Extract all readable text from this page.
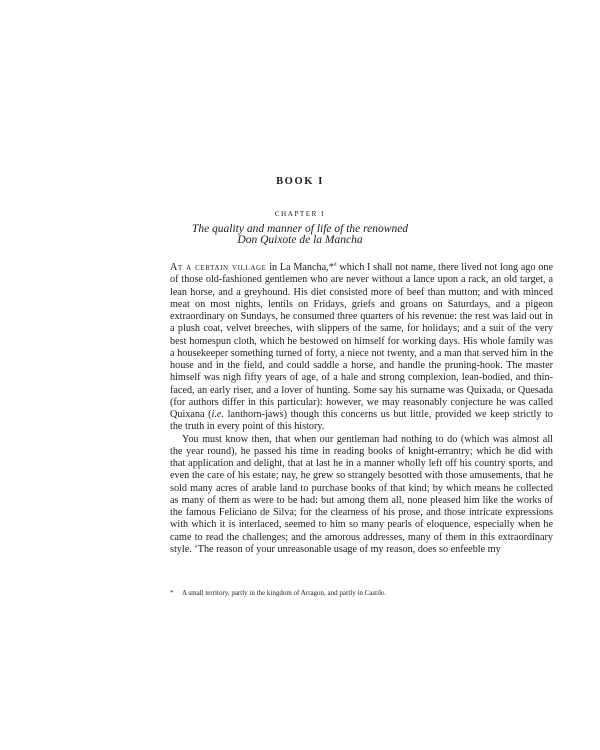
BOOK I
CHAPTER I
The quality and manner of life of the renowned
Don Quixote de la Mancha

At a certain village in La Mancha,*$^a$ which I shall not name, there lived not long ago one of those old-fashioned gentlemen who are never without a lance upon a rack, an old target, a lean horse, and a greyhound. His diet consisted more of beef than mutton; and with minced meat on most nights, lentils on Fridays, griefs and groans on Saturdays, and a pigeon extraordinary on Sundays, he consumed three quarters of his revenue: the rest was laid out in a plush coat, velvet breeches, with slippers of the same, for holidays; and a suit of the very best homespun cloth, which he bestowed on himself for working days. His whole family was a housekeeper something turned of forty, a niece not twenty, and a man that served him in the house and in the field, and could saddle a horse, and handle the pruning-hook. The master himself was nigh fifty years of age, of a hale and strong complexion, lean-bodied, and thin-faced, an early riser, and a lover of hunting. Some say his surname was Quixada, or Quesada (for authors differ in this particular): however, we may reasonably conjecture he was called Quixana (i.e. lanthorn-jaws) though this concerns us but little, provided we keep strictly to the truth in every point of this history.

You must know then, that when our gentleman had nothing to do (which was almost all the year round), he passed his time in reading books of knight-errantry; which he did with that application and delight, that at last he in a manner wholly left off his country sports, and even the care of his estate; nay, he grew so strangely besotted with those amusements, that he sold many acres of arable land to purchase books of that kind; by which means he collected as many of them as were to be had: but among them all, none pleased him like the works of the famous Feliciano de Silva; for the clearness of his prose, and those intricate expressions with which it is interlaced, seemed to him so many pearls of eloquence, especially when he came to read the challenges; and the amorous addresses, many of them in this extraordinary style. ‘The reason of your unreasonable usage of my reason, does so enfeeble my

* A small territory, partly in the kingdom of Arragon, and partly in Castile.
